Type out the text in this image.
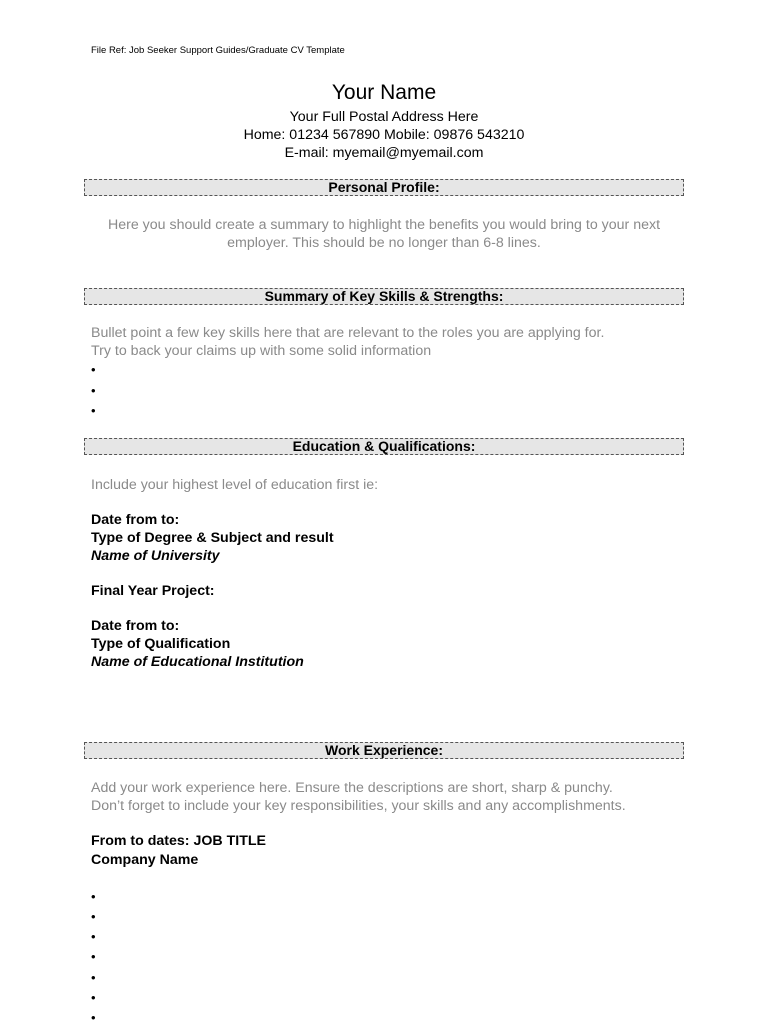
File Ref: Job Seeker Support Guides/Graduate CV Template
Your Name
Your Full Postal Address Here
Home: 01234 567890 Mobile: 09876 543210
E-mail: myemail@myemail.com
Personal Profile:
Here you should create a summary to highlight the benefits you would bring to your next employer. This should be no longer than 6-8 lines.
Summary of Key Skills & Strengths:
Bullet point a few key skills here that are relevant to the roles you are applying for.
Try to back your claims up with some solid information
•
•
•
Education & Qualifications:
Include your highest level of education first ie:
Date from to:
Type of Degree & Subject and result
Name of University
Final Year Project:
Date from to:
Type of Qualification
Name of Educational Institution
Work Experience:
Add your work experience here. Ensure the descriptions are short, sharp & punchy.
Don’t forget to include your key responsibilities, your skills and any accomplishments.
From to dates: JOB TITLE
Company Name
•
•
•
•
•
•
•
